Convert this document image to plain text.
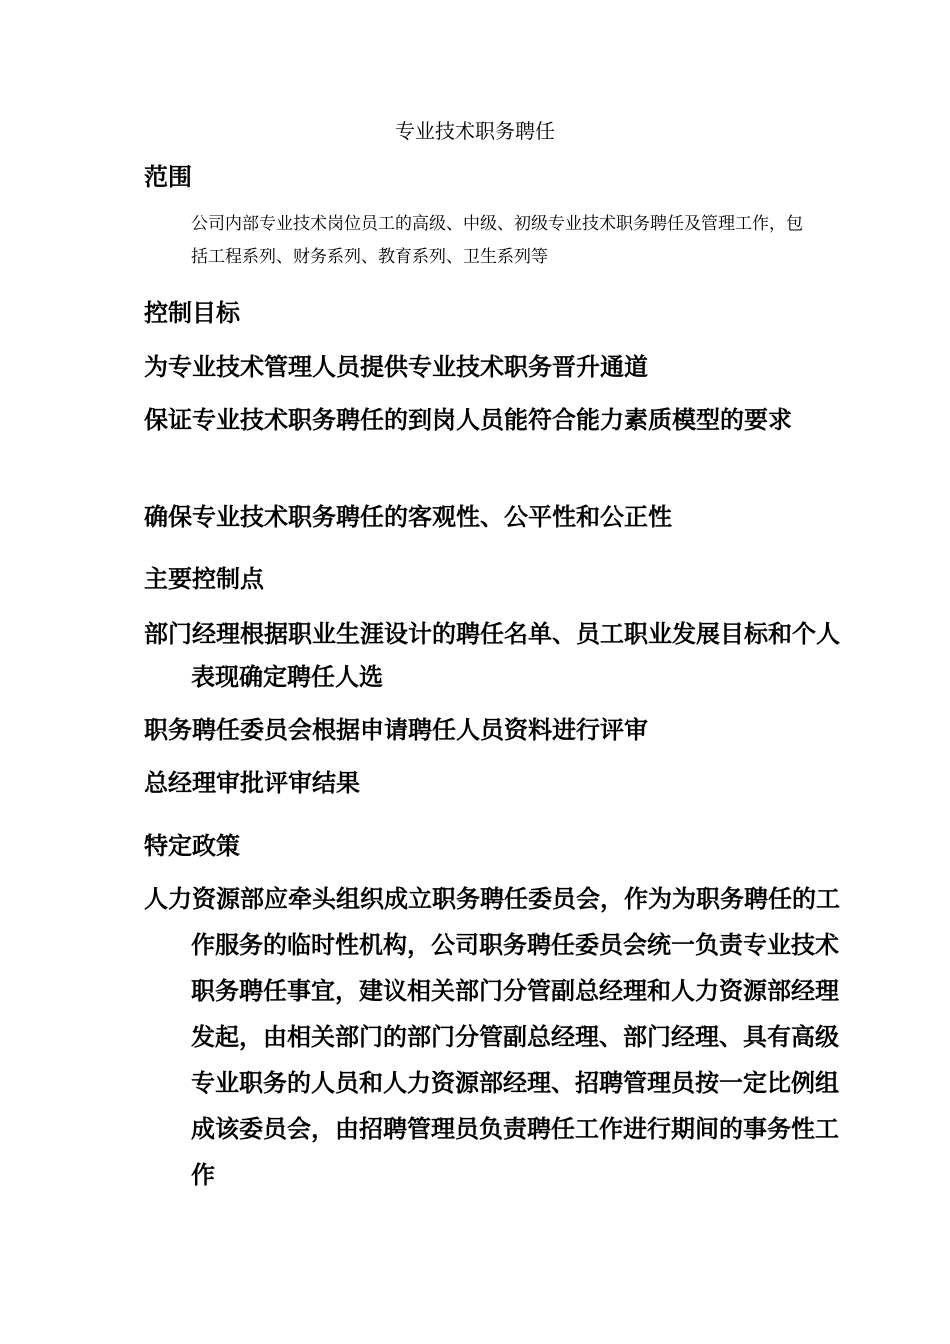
专业技术职务聘任
范围
公司内部专业技术岗位员工的高级、中级、初级专业技术职务聘任及管理工作，包括工程系列、财务系列、教育系列、卫生系列等
控制目标
为专业技术管理人员提供专业技术职务晋升通道
保证专业技术职务聘任的到岗人员能符合能力素质模型的要求
确保专业技术职务聘任的客观性、公平性和公正性
主要控制点
部门经理根据职业生涯设计的聘任名单、员工职业发展目标和个人表现确定聘任人选
职务聘任委员会根据申请聘任人员资料进行评审
总经理审批评审结果
特定政策
人力资源部应牵头组织成立职务聘任委员会，作为为职务聘任的工作服务的临时性机构，公司职务聘任委员会统一负责专业技术职务聘任事宜，建议相关部门分管副总经理和人力资源部经理发起，由相关部门的部门分管副总经理、部门经理、具有高级专业职务的人员和人力资源部经理、招聘管理员按一定比例组成该委员会，由招聘管理员负责聘任工作进行期间的事务性工作
